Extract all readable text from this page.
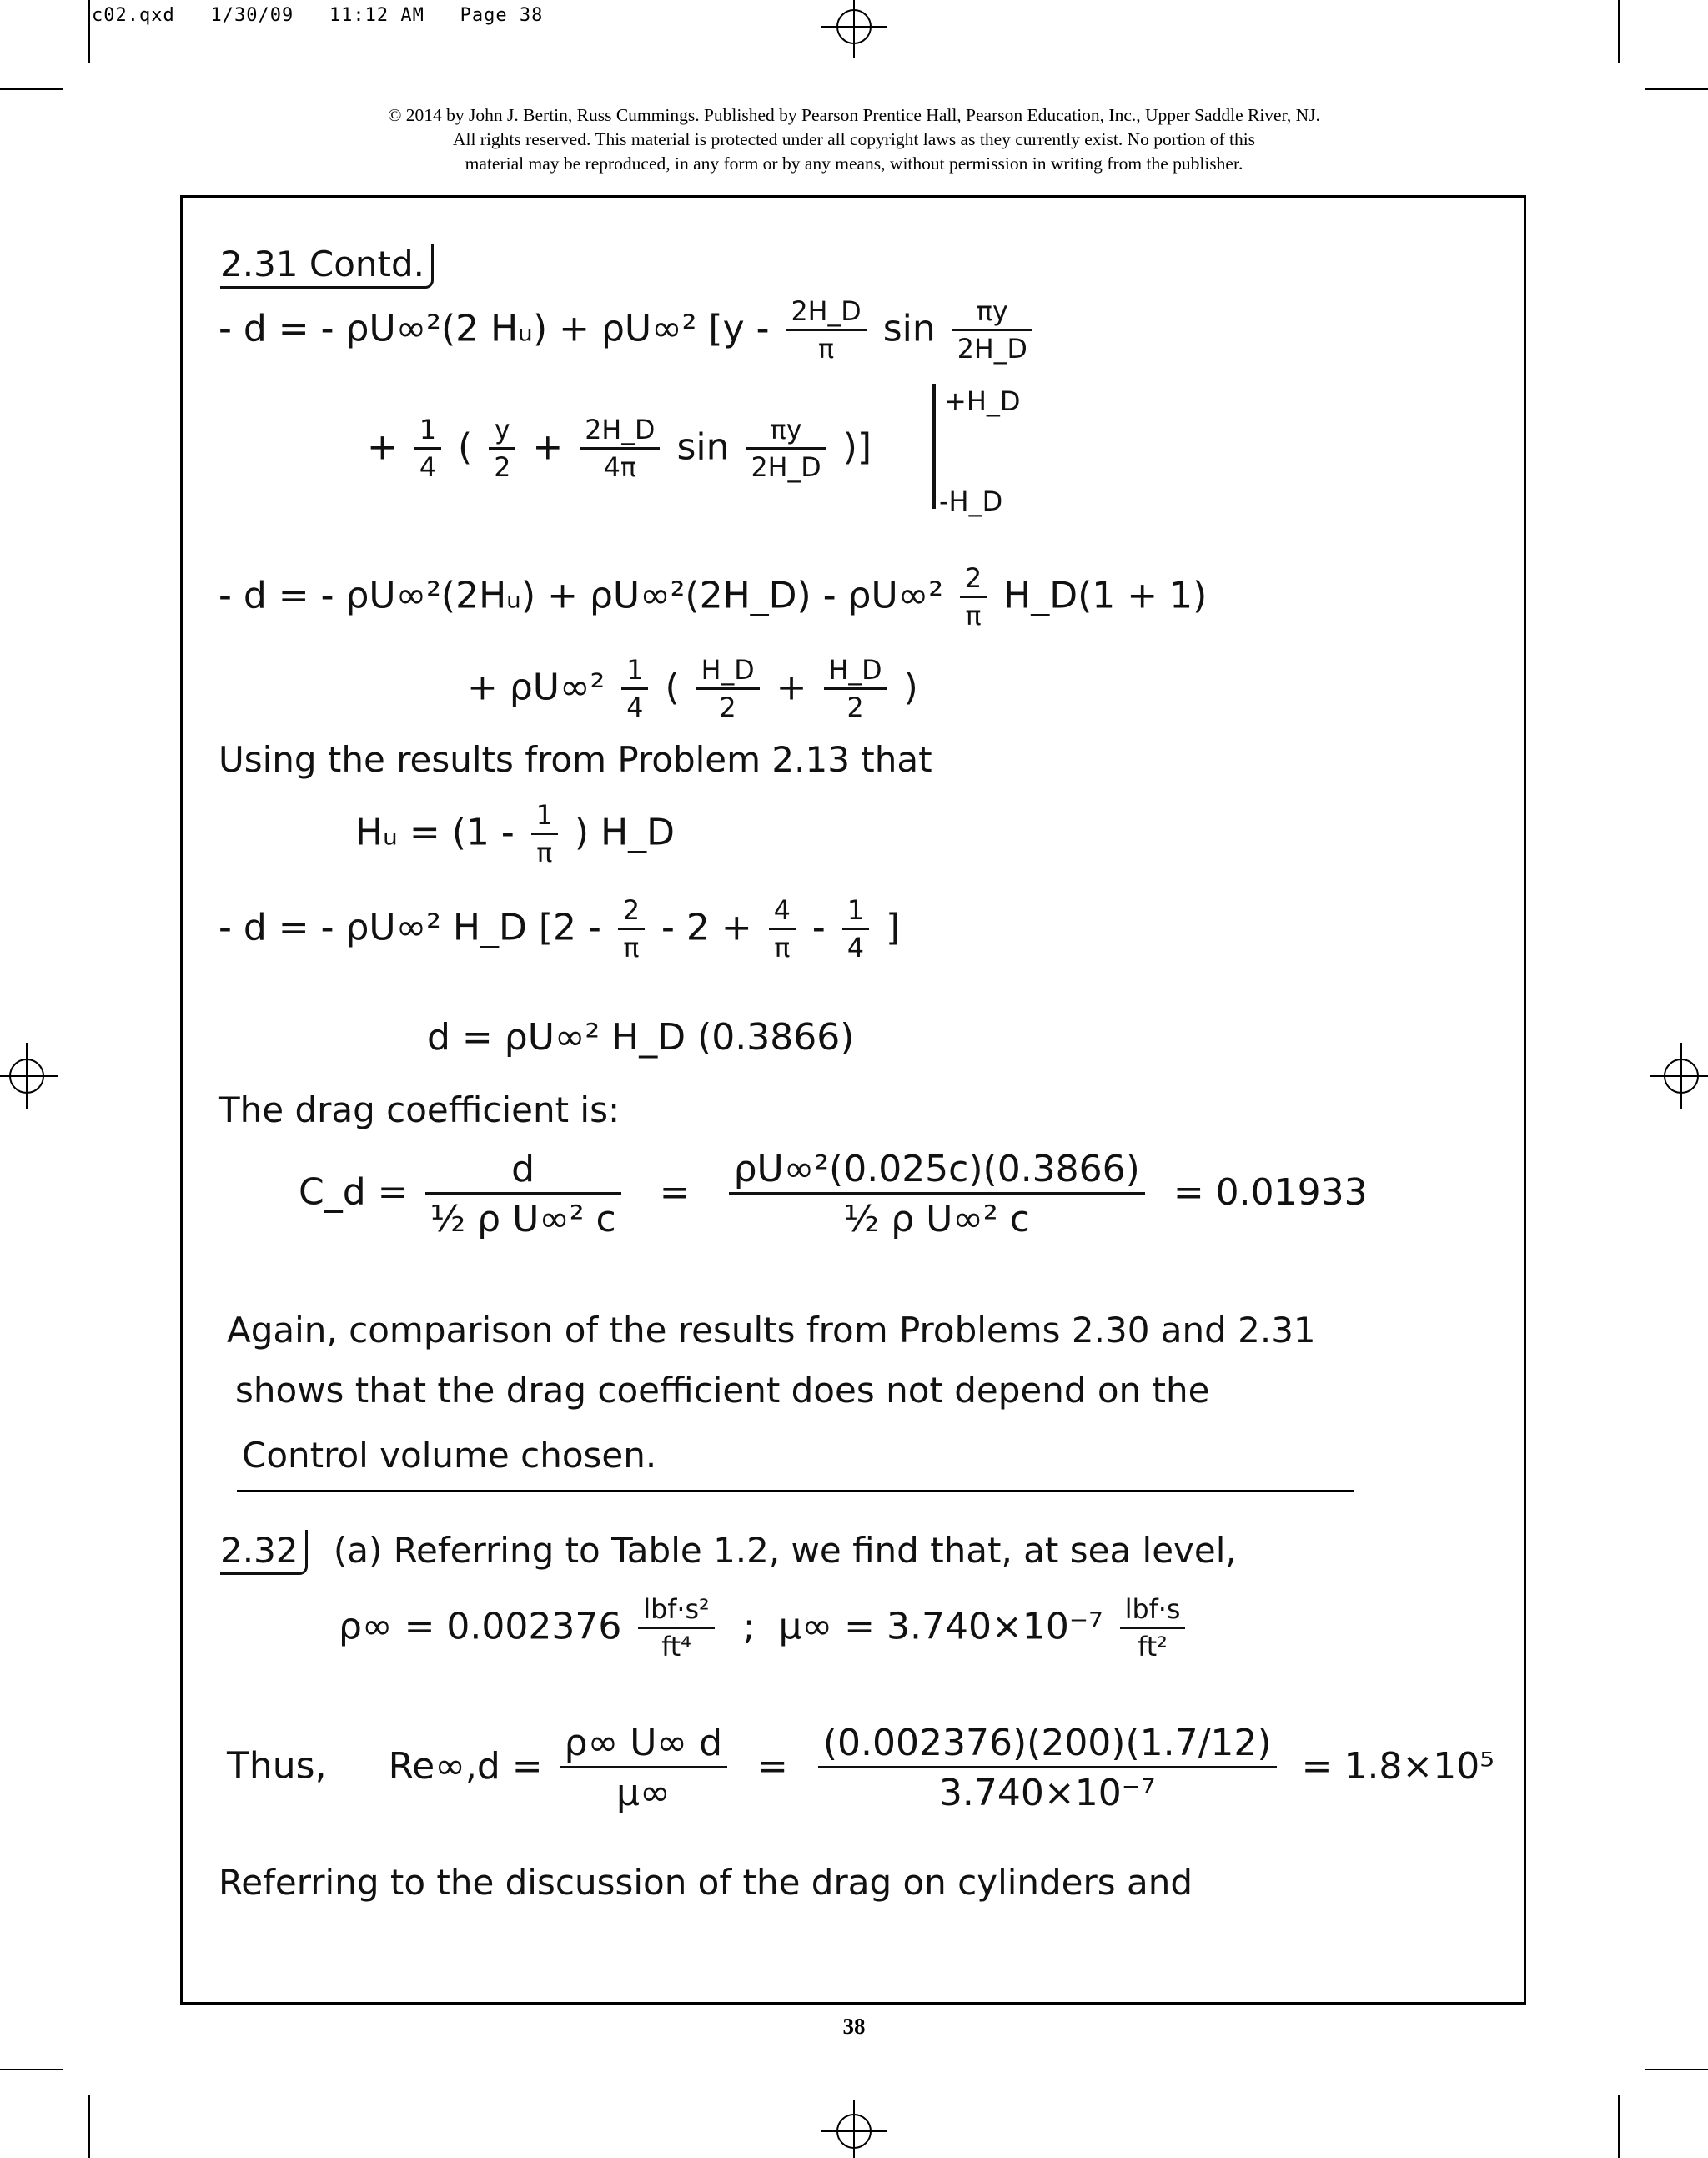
c02.qxd 1/30/09 11:12 AM Page 38
© 2014 by John J. Bertin, Russ Cummings. Published by Pearson Prentice Hall, Pearson Education, Inc., Upper Saddle River, NJ.
All rights reserved. This material is protected under all copyright laws as they currently exist. No portion of this
material may be reproduced, in any form or by any means, without permission in writing from the publisher.
2.31 Contd.
- d = - ρU∞²(2 Hᵤ) + ρU∞² [$y - \frac{2H\_D}{\pi}$ $\sin \frac{\pi y}{2H\_D}$
+ $\frac{1}{4}$ ( $\frac{y}{2} + \frac{2H\_D}{4\pi}$ $\sin \frac{\pi y}{2H\_D}$ )]
+H_D
-H_D
- d = - ρU∞²(2Hᵤ) + ρU∞²(2H_D) - $\rho U\infty^2 \frac{2}{\pi}$ H_D(1 + 1)
+ $\rho U\infty^2 \frac{1}{4}$ ( $\frac{H\_D}{2} + \frac{H\_D}{2}$ )
Using the results from Problem 2.13 that
Hᵤ = ($1 - \frac{1}{\pi}$ ) H_D
- d = - ρU∞² H_D [$2 - \frac{2}{\pi} - 2 + \frac{4}{\pi} - \frac{1}{4}$ ]
d = ρU∞² H_D (0.3866)
The drag coefficient is:
C_d = $\frac{d}{\text{½ ρ U∞² c}} = \frac{\text{ρU∞²(0.025c)(0.3866)}}{\text{½ ρ U∞² c}} = 0.01933$
Again, comparison of the results from Problems 2.30 and 2.31
shows that the drag coefficient does not depend on the
Control volume chosen.
2.32 (a) Referring to Table 1.2, we find that, at sea level,
$\rho\infty = 0.002376 \frac{\text{lbf·s²}}{\text{ft⁴}}$ ; $\mu\infty = 3.740\times 10^{-7} \frac{\text{lbf·s}}{\text{ft²}}$
Thus, $Re\infty,d = \frac{\rho\infty U\infty d}{\mu\infty} = \frac{(0.002376)(200)(1.7/12)}{\text{3.740×10⁻⁷}} = 1.8\times 10^5$
Referring to the discussion of the drag on cylinders and
38
